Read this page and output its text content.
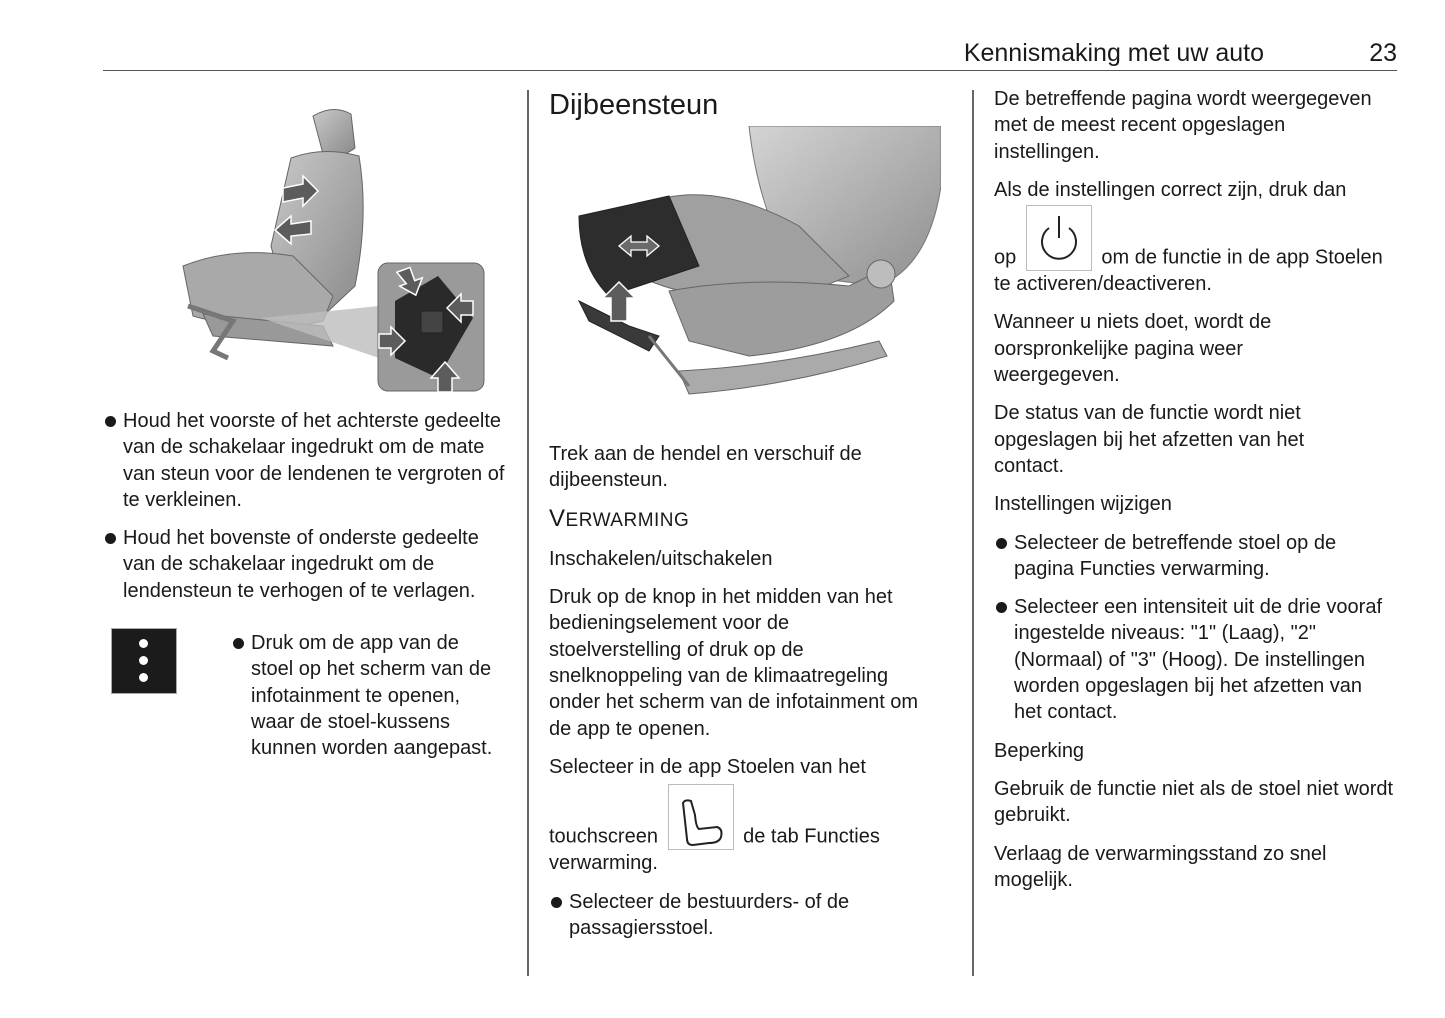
Kennismaking met uw auto	23
Houd het voorste of het achterste gedeelte van de schakelaar ingedrukt om de mate van steun voor de lendenen te vergroten of te verkleinen.
Houd het bovenste of onderste gedeelte van de schakelaar ingedrukt om de lendensteun te verhogen of te verlagen.
Druk om de app van de stoel op het scherm van de infotainment te openen, waar de stoel-kussens kunnen worden aangepast.
Dijbeensteun

Trek aan de hendel en verschuif de dijbeensteun.

VERWARMING
Inschakelen/uitschakelen

Druk op de knop in het midden van het bedieningselement voor de stoelverstelling of druk op de snelknoppeling van de klimaatregeling onder het scherm van de infotainment om de app te openen.

Selecteer in de app Stoelen van het

touchscreen	de tab Functies verwarming.

Selecteer de bestuurders- of de passagiersstoel.

De betreffende pagina wordt weergegeven met de meest recent opgeslagen instellingen.

Als de instellingen correct zijn, druk dan

op	om de functie in de app Stoelen te activeren/deactiveren.

Wanneer u niets doet, wordt de oorspronkelijke pagina weer weergegeven.

De status van de functie wordt niet opgeslagen bij het afzetten van het contact.

Instellingen wijzigen
Selecteer de betreffende stoel op de pagina Functies verwarming.
Selecteer een intensiteit uit de drie vooraf ingestelde niveaus: "1" (Laag), "2" (Normaal) of "3" (Hoog). De instellingen worden opgeslagen bij het afzetten van het contact.
Beperking

Gebruik de functie niet als de stoel niet wordt gebruikt.

Verlaag de verwarmingsstand zo snel mogelijk.
